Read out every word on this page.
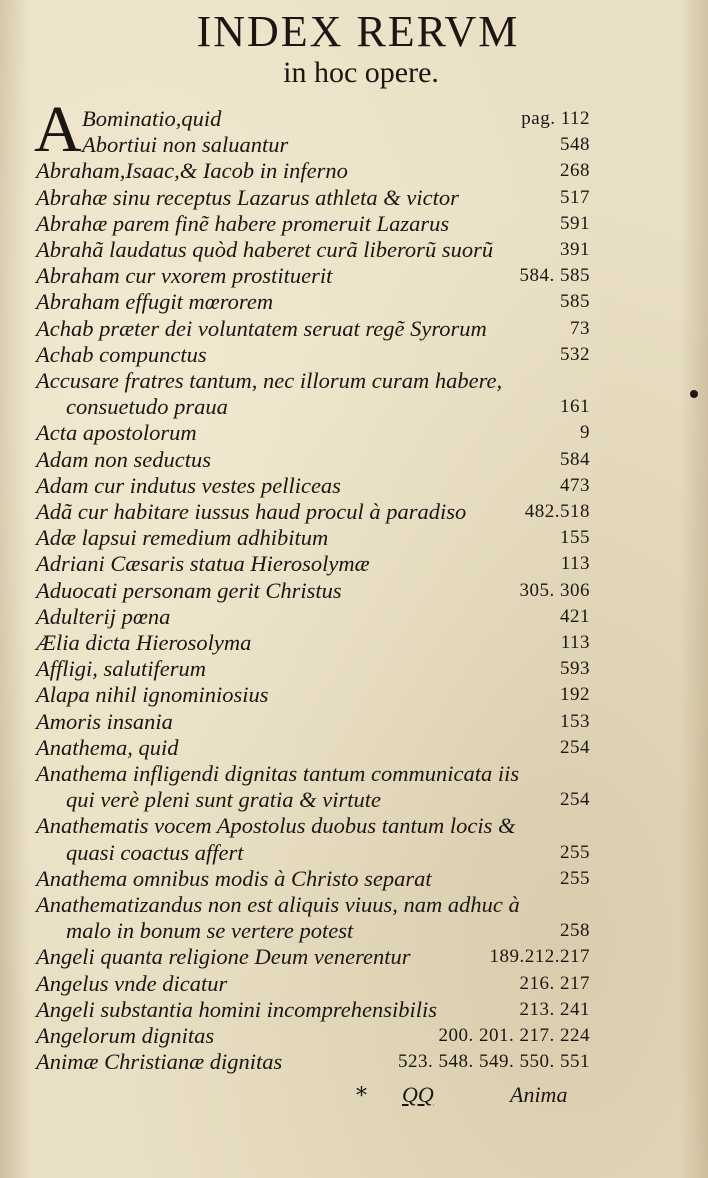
INDEX RERVM
in hoc opere.
A Bominatio,quid	pag. 112
Abortiui non saluantur	548
Abraham,Isaac,& Iacob in inferno	268
Abrahæ sinu receptus Lazarus athleta & victor	517
Abrahæ parem finẽ habere promeruit Lazarus	591
Abrahã laudatus quòd haberet curã liberorũ suorũ	391
Abraham cur vxorem prostituerit	584. 585
Abraham effugit mœrorem	585
Achab præter dei voluntatem seruat regẽ Syrorum	73
Achab compunctus	532
Accusare fratres tantum, nec illorum curam habere,
consuetudo praua	161
Acta apostolorum	9
Adam non seductus	584
Adam cur indutus vestes pelliceas	473
Adã cur habitare iussus haud procul à paradiso	482.518
Adæ lapsui remedium adhibitum	155
Adriani Cæsaris statua Hierosolymæ	113
Aduocati personam gerit Christus	305. 306
Adulterij pœna	421
Ælia dicta Hierosolyma	113
Affligi, salutiferum	593
Alapa nihil ignominiosius	192
Amoris insania	153
Anathema, quid	254
Anathema infligendi dignitas tantum communicata iis
qui verè pleni sunt gratia & virtute	254
Anathematis vocem Apostolus duobus tantum locis &
quasi coactus affert	255
Anathema omnibus modis à Christo separat	255
Anathematizandus non est aliquis viuus, nam adhuc à
malo in bonum se vertere potest	258
Angeli quanta religione Deum venerentur	189.212.217
Angelus vnde dicatur	216. 217
Angeli substantia homini incomprehensibilis	213. 241
Angelorum dignitas	200. 201. 217. 224
Animæ Christianæ dignitas	523. 548. 549. 550. 551
* QQ	Anima
